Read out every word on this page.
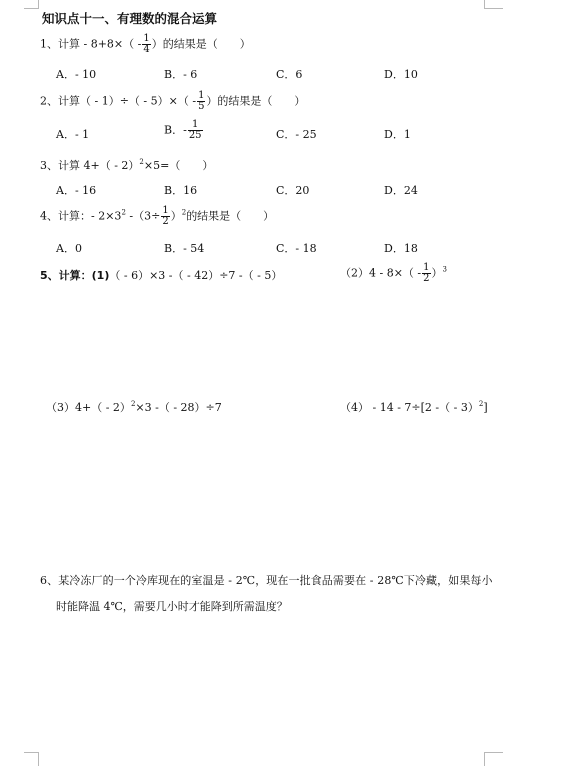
知识点十一、有理数的混合运算
1、计算 - $8+8\times( - \frac{1}{4}$ ）的结果是（　　）
A．- 10	B．- 6	C．6	D．10
2、计算（ - $1)\div( - 5)\times( - \frac{1}{5}$ ）的结果是（　　）
A．- 1	B．- $\frac{1}{25}$	C．- 25	D．1
3、计算 4+（ - 2）$^2$×5=（　　）
A．- 16	B．16	C．20	D．24
4、计算：- $2\times 3^2$ $-(3\div \frac{1}{2} )^2$的结果是（　　）
A．0	B．- 54	C．- 18	D．18
5、计算：(1)（ - 6）×3 -（ - 42）÷7 -（ - 5）	$(2)4 - 8\times( - \frac{1}{2} )^3$
（3）4+（ - 2）$^2$×3 -（ - 28）÷7	（4） - 14 - 7÷[2 -（ - 3）$^2$]
6、某冷冻厂的一个冷库现在的室温是 - 2℃，现在一批食品需要在 - 28℃下冷藏，如果每小
时能降温 4℃，需要几小时才能降到所需温度？
